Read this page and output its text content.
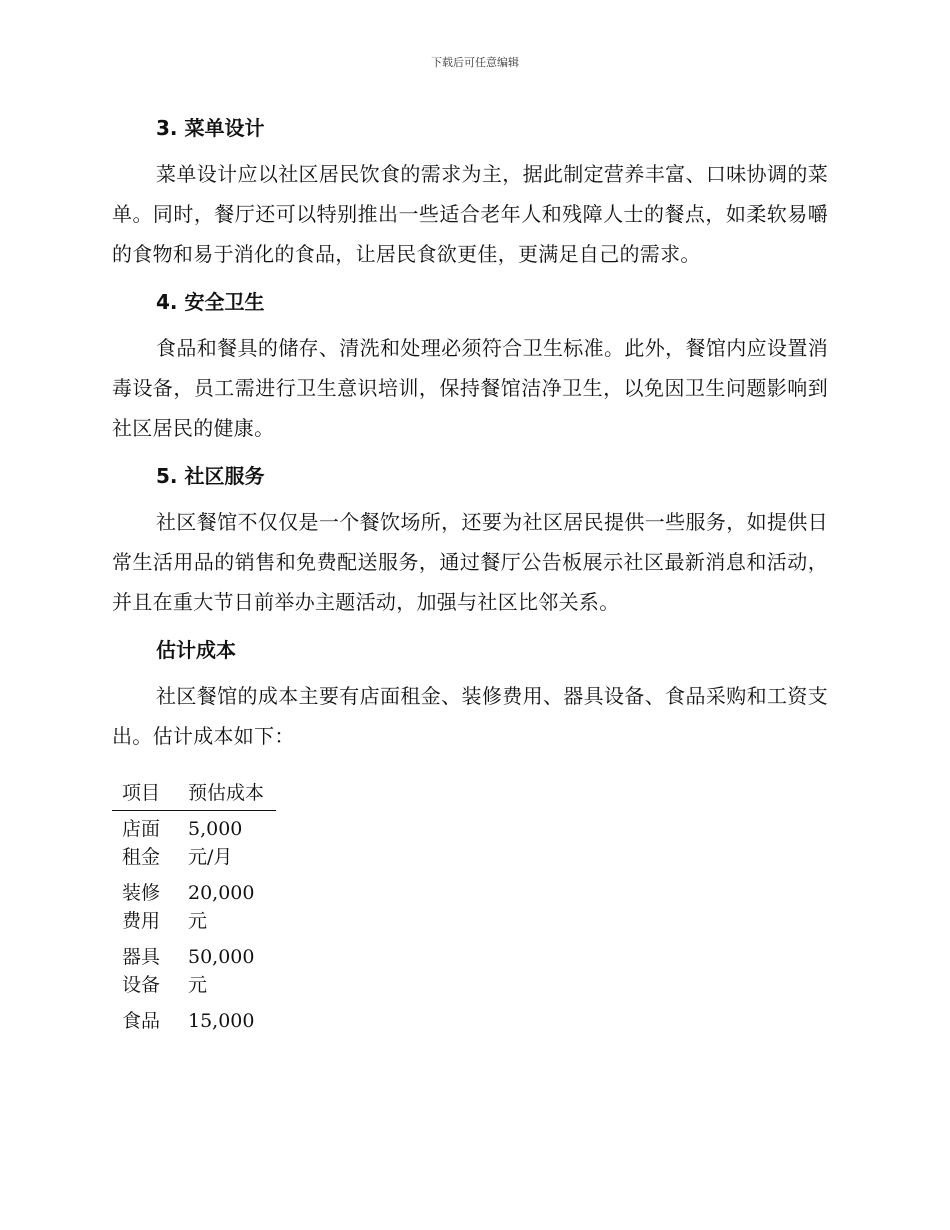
下载后可任意编辑
3. 菜单设计

菜单设计应以社区居民饮食的需求为主，据此制定营养丰富、口味协调的菜单。同时，餐厅还可以特别推出一些适合老年人和残障人士的餐点，如柔软易嚼的食物和易于消化的食品，让居民食欲更佳，更满足自己的需求。

4. 安全卫生

食品和餐具的储存、清洗和处理必须符合卫生标准。此外，餐馆内应设置消毒设备，员工需进行卫生意识培训，保持餐馆洁净卫生，以免因卫生问题影响到社区居民的健康。

5. 社区服务

社区餐馆不仅仅是一个餐饮场所，还要为社区居民提供一些服务，如提供日常生活用品的销售和免费配送服务，通过餐厅公告板展示社区最新消息和活动，并且在重大节日前举办主题活动，加强与社区比邻关系。

估计成本

社区餐馆的成本主要有店面租金、装修费用、器具设备、食品采购和工资支出。估计成本如下：

项目	预估成本
店面租金	5,000 元/月
装修费用	20,000 元
器具设备	50,000 元
食品	15,000
